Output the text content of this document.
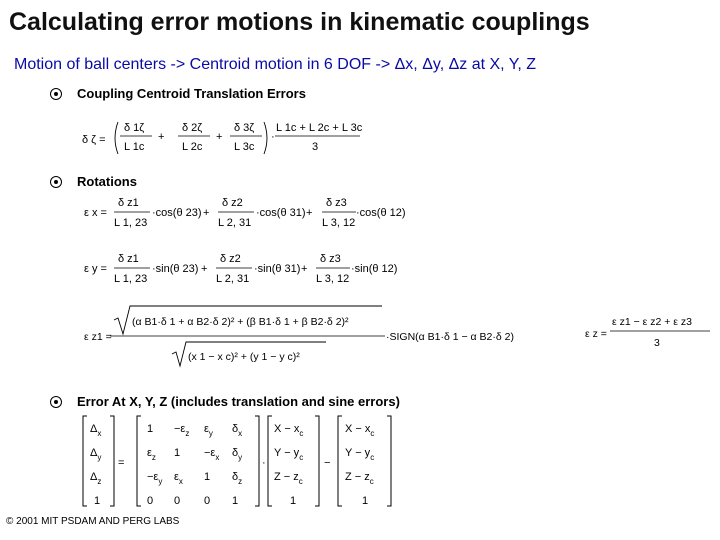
Calculating error motions in kinematic couplings
Motion of ball centers -> Centroid motion in 6 DOF -> Δx, Δy, Δz at X, Y, Z
Coupling Centroid Translation Errors
Rotations
Error At X, Y, Z (includes translation and sine errors)
δ ζ =
δ 1ζ
L 1c
+
δ 2ζ
L 2c
+
δ 3ζ
L 3c
·
L 1c + L 2c + L 3c
3
ε x =
δ z1
L 1, 23
·cos(θ 23) +
δ z2
L 2, 31
·cos(θ 31) +
δ z3
L 3, 12
·cos(θ 12)
ε y =
δ z1
L 1, 23
·sin(θ 23) +
δ z2
L 2, 31
·sin(θ 31) +
δ z3
L 3, 12
·sin(θ 12)
ε z1 =
(α B1·δ 1 + α B2·δ 2)² + (β B1·δ 1 + β B2·δ 2)²
(x 1 − x c)² + (y 1 − y c)²
·SIGN(α B1·δ 1 − α B2·δ 2)	ε z =
ε z1 − ε z2 + ε z3
3
$\Delta_x$
$\Delta_y$
$\Delta_z$
1
=
$1 -\varepsilon_z$ $\varepsilon_y$ $\delta_x$
$\varepsilon_z$ $1 -\varepsilon_x$ $\delta_y$
$-\varepsilon_y$ $\varepsilon_x$ 1 $\delta_z$
0 0 0 1
·
$X - x_c$
$Y - y_c$
$Z - z_c$
1
−
$X - x_c$
$Y - y_c$
$Z - z_c$
1
© 2001 MIT PSDAM AND PERG LABS
